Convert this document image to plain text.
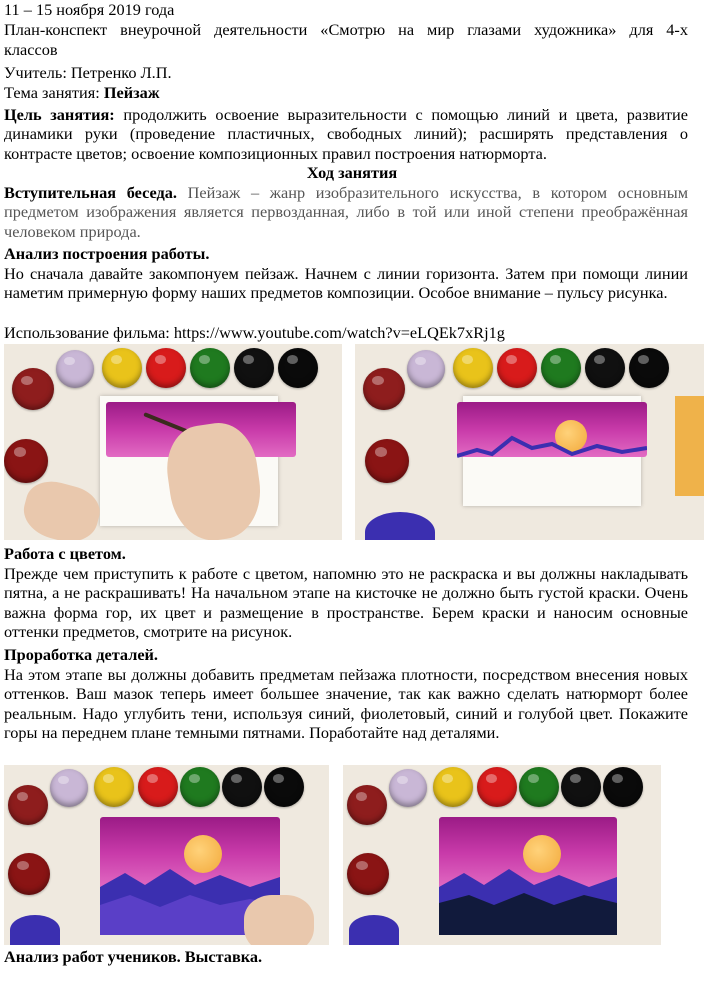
11 – 15 ноября 2019 года

План-конспект внеурочной деятельности «Смотрю на мир глазами художника» для 4-х

классов

Учитель: Петренко Л.П.

Тема занятия: Пейзаж

Цель занятия: продолжить освоение выразительности с помощью линий и цвета, развитие динамики руки (проведение пластичных, свободных линий); расширять представления о контрасте цветов; освоение композиционных правил построения натюрморта.

Ход занятия

Вступительная беседа. Пейзаж – жанр изобразительного искусства, в котором основным предметом изображения является первозданная, либо в той или иной степени преображённая человеком природа.

Анализ построения работы.

Но сначала давайте закомпонуем пейзаж. Начнем с линии горизонта. Затем при помощи линии наметим примерную форму наших предметов композиции. Особое внимание – пульсу рисунка.

Использование фильма: https://www.youtube.com/watch?v=eLQEk7xRj1g

Работа с цветом.

Прежде чем приступить к работе с цветом, напомню это не раскраска и вы должны накладывать пятна, а не раскрашивать! На начальном этапе на кисточке не должно быть густой краски. Очень важна форма гор, их цвет и размещение в пространстве. Берем краски и наносим основные оттенки предметов, смотрите на рисунок.

Проработка деталей.

На этом этапе вы должны добавить предметам пейзажа плотности, посредством внесения новых оттенков. Ваш мазок теперь имеет большее значение, так как важно сделать натюрморт более реальным. Надо углубить тени, используя синий, фиолетовый, синий и голубой цвет. Покажите горы на переднем плане темными пятнами. Поработайте над деталями.

Анализ работ учеников. Выставка.
